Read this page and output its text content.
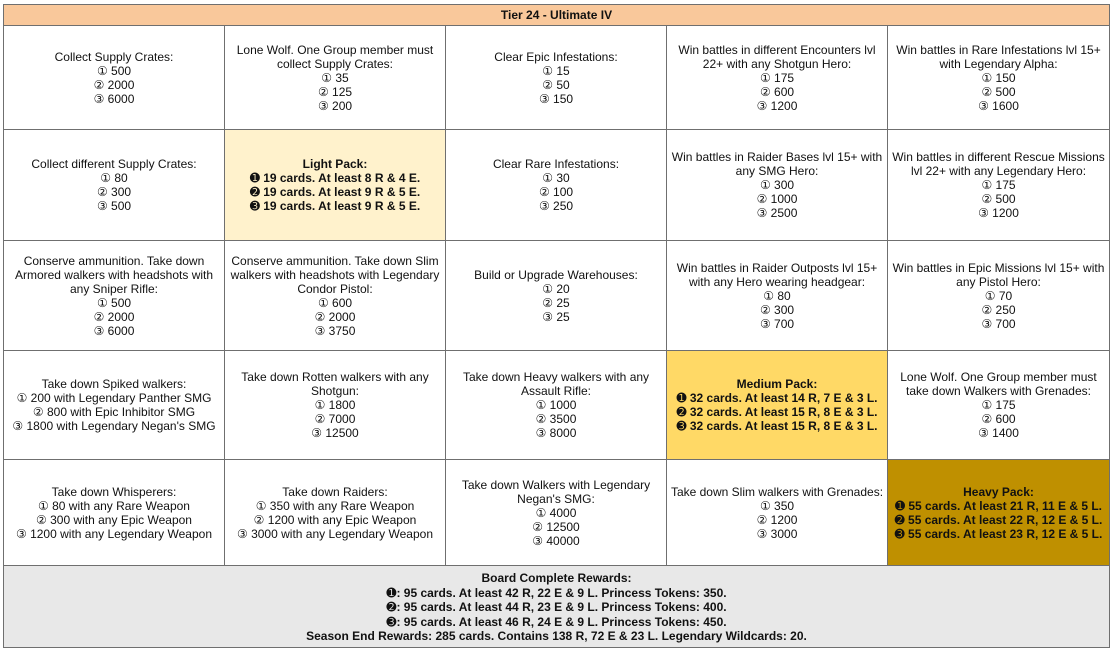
Tier 24 - Ultimate IV
Collect Supply Crates:
① 500
② 2000
③ 6000
Lone Wolf. One Group member must collect Supply Crates:
① 35
② 125
③ 200
Clear Epic Infestations:
① 15
② 50
③ 150
Win battles in different Encounters lvl 22+ with any Shotgun Hero:
① 175
② 600
③ 1200
Win battles in Rare Infestations lvl 15+ with Legendary Alpha:
① 150
② 500
③ 1600
Collect different Supply Crates:
① 80
② 300
③ 500
Light Pack:
➊ 19 cards. At least 8 R & 4 E.
➋ 19 cards. At least 9 R & 5 E.
➌ 19 cards. At least 9 R & 5 E.
Clear Rare Infestations:
① 30
② 100
③ 250
Win battles in Raider Bases lvl 15+ with any SMG Hero:
① 300
② 1000
③ 2500
Win battles in different Rescue Missions lvl 22+ with any Legendary Hero:
① 175
② 500
③ 1200
Conserve ammunition. Take down Armored walkers with headshots with any Sniper Rifle:
① 500
② 2000
③ 6000
Conserve ammunition. Take down Slim walkers with headshots with Legendary Condor Pistol:
① 600
② 2000
③ 3750
Build or Upgrade Warehouses:
① 20
② 25
③ 25
Win battles in Raider Outposts lvl 15+ with any Hero wearing headgear:
① 80
② 300
③ 700
Win battles in Epic Missions lvl 15+ with any Pistol Hero:
① 70
② 250
③ 700
Take down Spiked walkers:
① 200 with Legendary Panther SMG
② 800 with Epic Inhibitor SMG
③ 1800 with Legendary Negan's SMG
Take down Rotten walkers with any Shotgun:
① 1800
② 7000
③ 12500
Take down Heavy walkers with any Assault Rifle:
① 1000
② 3500
③ 8000
Medium Pack:
➊ 32 cards. At least 14 R, 7 E & 3 L.
➋ 32 cards. At least 15 R, 8 E & 3 L.
➌ 32 cards. At least 15 R, 8 E & 3 L.
Lone Wolf. One Group member must take down Walkers with Grenades:
① 175
② 600
③ 1400
Take down Whisperers:
① 80 with any Rare Weapon
② 300 with any Epic Weapon
③ 1200 with any Legendary Weapon
Take down Raiders:
① 350 with any Rare Weapon
② 1200 with any Epic Weapon
③ 3000 with any Legendary Weapon
Take down Walkers with Legendary Negan's SMG:
① 4000
② 12500
③ 40000
Take down Slim walkers with Grenades:
① 350
② 1200
③ 3000
Heavy Pack:
➊ 55 cards. At least 21 R, 11 E & 5 L.
➋ 55 cards. At least 22 R, 12 E & 5 L.
➌ 55 cards. At least 23 R, 12 E & 5 L.
Board Complete Rewards:
➊: 95 cards. At least 42 R, 22 E & 9 L. Princess Tokens: 350.
➋: 95 cards. At least 44 R, 23 E & 9 L. Princess Tokens: 400.
➌: 95 cards. At least 46 R, 24 E & 9 L. Princess Tokens: 450.
Season End Rewards: 285 cards. Contains 138 R, 72 E & 23 L. Legendary Wildcards: 20.
